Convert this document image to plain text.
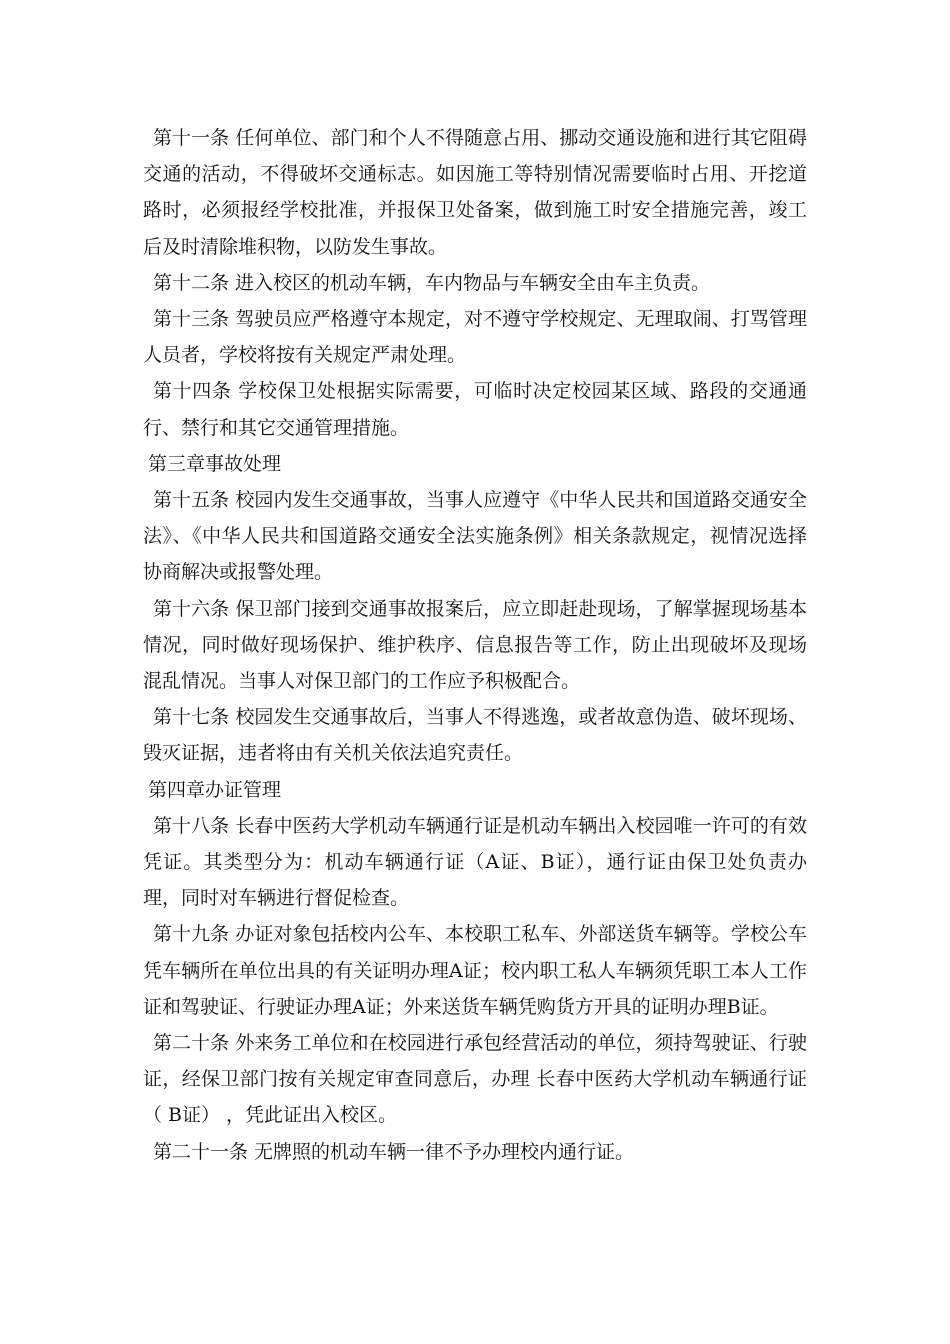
第十一条 任何单位、部门和个人不得随意占用、挪动交通设施和进行其它阻碍交通的活动，不得破坏交通标志。如因施工等特别情况需要临时占用、开挖道路时，必须报经学校批准，并报保卫处备案，做到施工时安全措施完善，竣工后及时清除堆积物，以防发生事故。

第十二条 进入校区的机动车辆，车内物品与车辆安全由车主负责。

第十三条 驾驶员应严格遵守本规定，对不遵守学校规定、无理取闹、打骂管理人员者，学校将按有关规定严肃处理。

第十四条 学校保卫处根据实际需要，可临时决定校园某区域、路段的交通通行、禁行和其它交通管理措施。

第三章事故处理

第十五条 校园内发生交通事故，当事人应遵守《中华人民共和国道路交通安全法》、《中华人民共和国道路交通安全法实施条例》相关条款规定，视情况选择协商解决或报警处理。

第十六条 保卫部门接到交通事故报案后，应立即赶赴现场，了解掌握现场基本情况，同时做好现场保护、维护秩序、信息报告等工作，防止出现破坏及现场混乱情况。当事人对保卫部门的工作应予积极配合。

第十七条 校园发生交通事故后，当事人不得逃逸，或者故意伪造、破坏现场、毁灭证据，违者将由有关机关依法追究责任。

第四章办证管理

第十八条 长春中医药大学机动车辆通行证是机动车辆出入校园唯一许可的有效凭证。其类型分为：机动车辆通行证（A证、B证），通行证由保卫处负责办理，同时对车辆进行督促检查。

第十九条 办证对象包括校内公车、本校职工私车、外部送货车辆等。学校公车凭车辆所在单位出具的有关证明办理A证；校内职工私人车辆须凭职工本人工作证和驾驶证、行驶证办理A证；外来送货车辆凭购货方开具的证明办理B证。

第二十条 外来务工单位和在校园进行承包经营活动的单位，须持驾驶证、行驶证，经保卫部门按有关规定审查同意后，办理 长春中医药大学机动车辆通行证（ B证） ，凭此证出入校区。

第二十一条 无牌照的机动车辆一律不予办理校内通行证。
